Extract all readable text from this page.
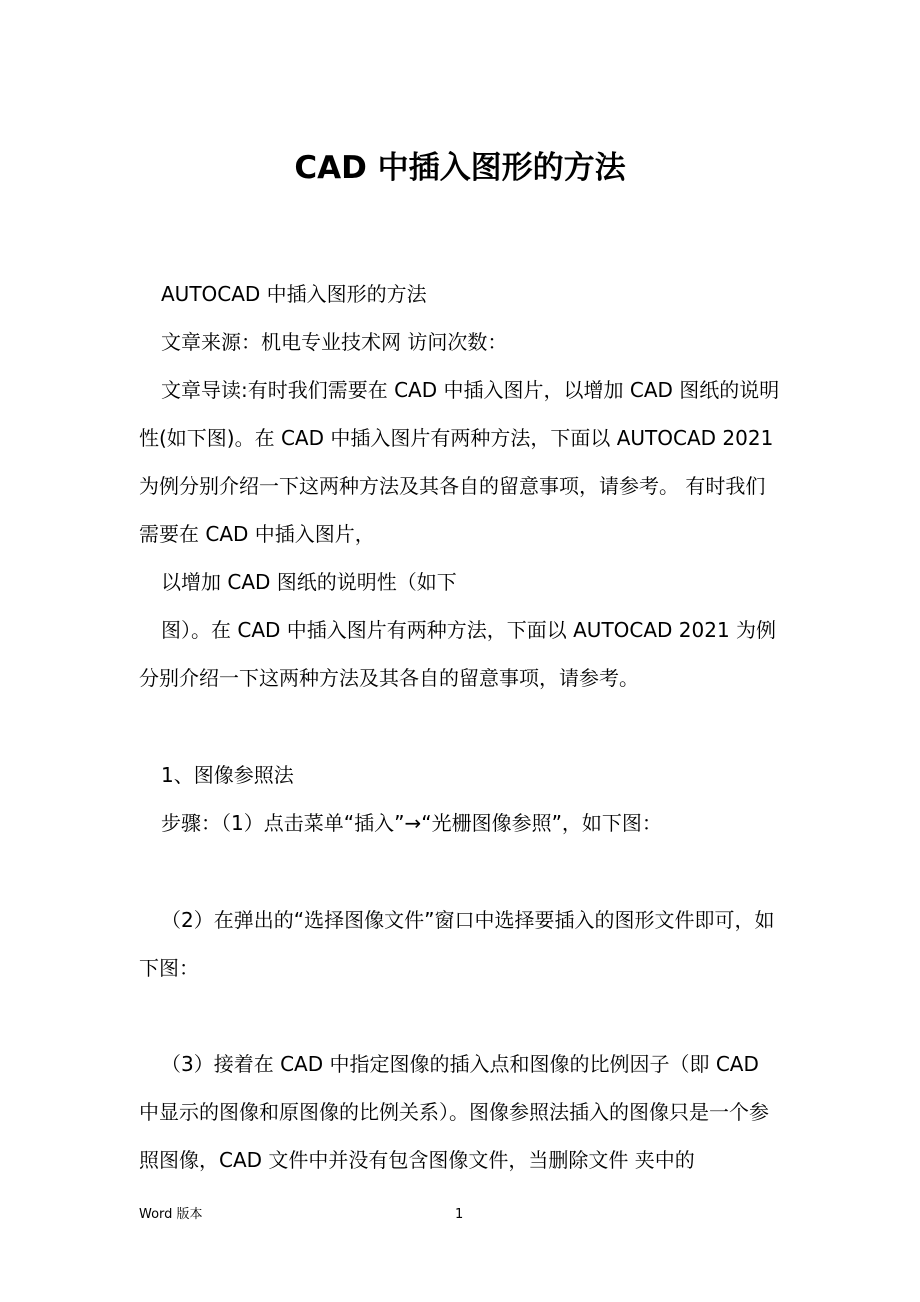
CAD 中插入图形的方法

AUTOCAD 中插入图形的方法

文章来源：机电专业技术网 访问次数：

文章导读:有时我们需要在 CAD 中插入图片，以增加 CAD 图纸的说明性(如下图)。在 CAD 中插入图片有两种方法，下面以 AUTOCAD 2021 为例分别介绍一下这两种方法及其各自的留意事项，请参考。 有时我们需要在 CAD 中插入图片，

以增加 CAD 图纸的说明性（如下

图）。在 CAD 中插入图片有两种方法，下面以 AUTOCAD 2021 为例分别介绍一下这两种方法及其各自的留意事项，请参考。

1、图像参照法

步骤：（1）点击菜单“插入”→“光栅图像参照”，如下图：

（2）在弹出的“选择图像文件”窗口中选择要插入的图形文件即可，如下图：

（3）接着在 CAD 中指定图像的插入点和图像的比例因子（即 CAD 中显示的图像和原图像的比例关系）。图像参照法插入的图像只是一个参照图像，CAD 文件中并没有包含图像文件，当删除文件 夹中的

Word 版本	1
